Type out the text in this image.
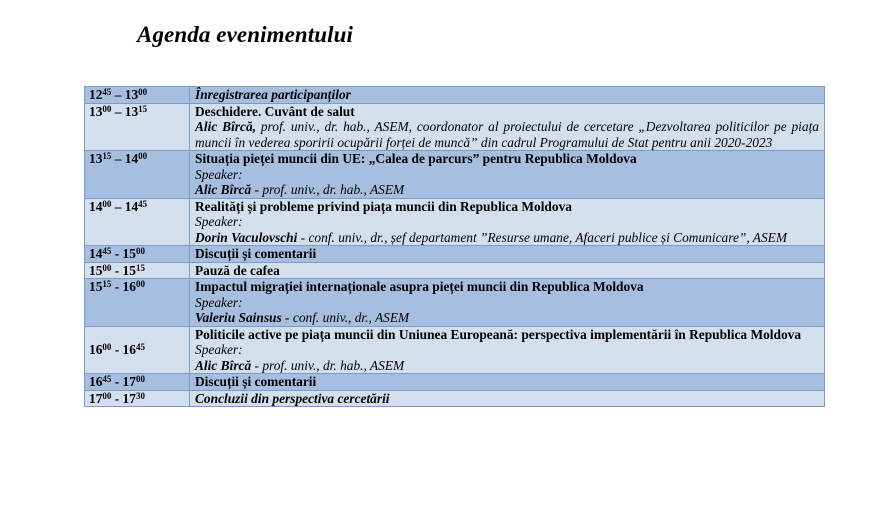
Agenda evenimentului
$12^{45} - 13^{00}$	Înregistrarea participanților
$13^{00} - 13^{15}$	Deschidere. Cuvânt de salut
Alic Bîrcă, prof. univ., dr. hab., ASEM, coordonator al proiectului de cercetare „Dezvoltarea politicilor pe piața muncii în vederea sporirii ocupării forței de muncă” din cadrul Programului de Stat pentru anii 2020-2023

$13^{15} - 14^{00}$	Situația pieței muncii din UE: „Calea de parcurs” pentru Republica Moldova
Speaker:
Alic Bîrcă - prof. univ., dr. hab., ASEM

$14^{00} - 14^{45}$	Realități și probleme privind piața muncii din Republica Moldova
Speaker:
Dorin Vaculovschi - conf. univ., dr., șef departament ”Resurse umane, Afaceri publice și Comunicare”, ASEM

$14^{45} - 15^{00}$	Discuții și comentarii
$15^{00} - 15^{15}$	Pauză de cafea
$15^{15} - 16^{00}$	Impactul migrației internaționale asupra pieței muncii din Republica Moldova
Speaker:
Valeriu Sainsus - conf. univ., dr., ASEM

$16^{00} - 16^{45}$	Politicile active pe piața muncii din Uniunea Europeană: perspectiva implementării în Republica Moldova
Speaker:
Alic Bîrcă - prof. univ., dr. hab., ASEM

$16^{45} - 17^{00}$	Discuții și comentarii
$17^{00} - 17^{30}$	Concluzii din perspectiva cercetării
